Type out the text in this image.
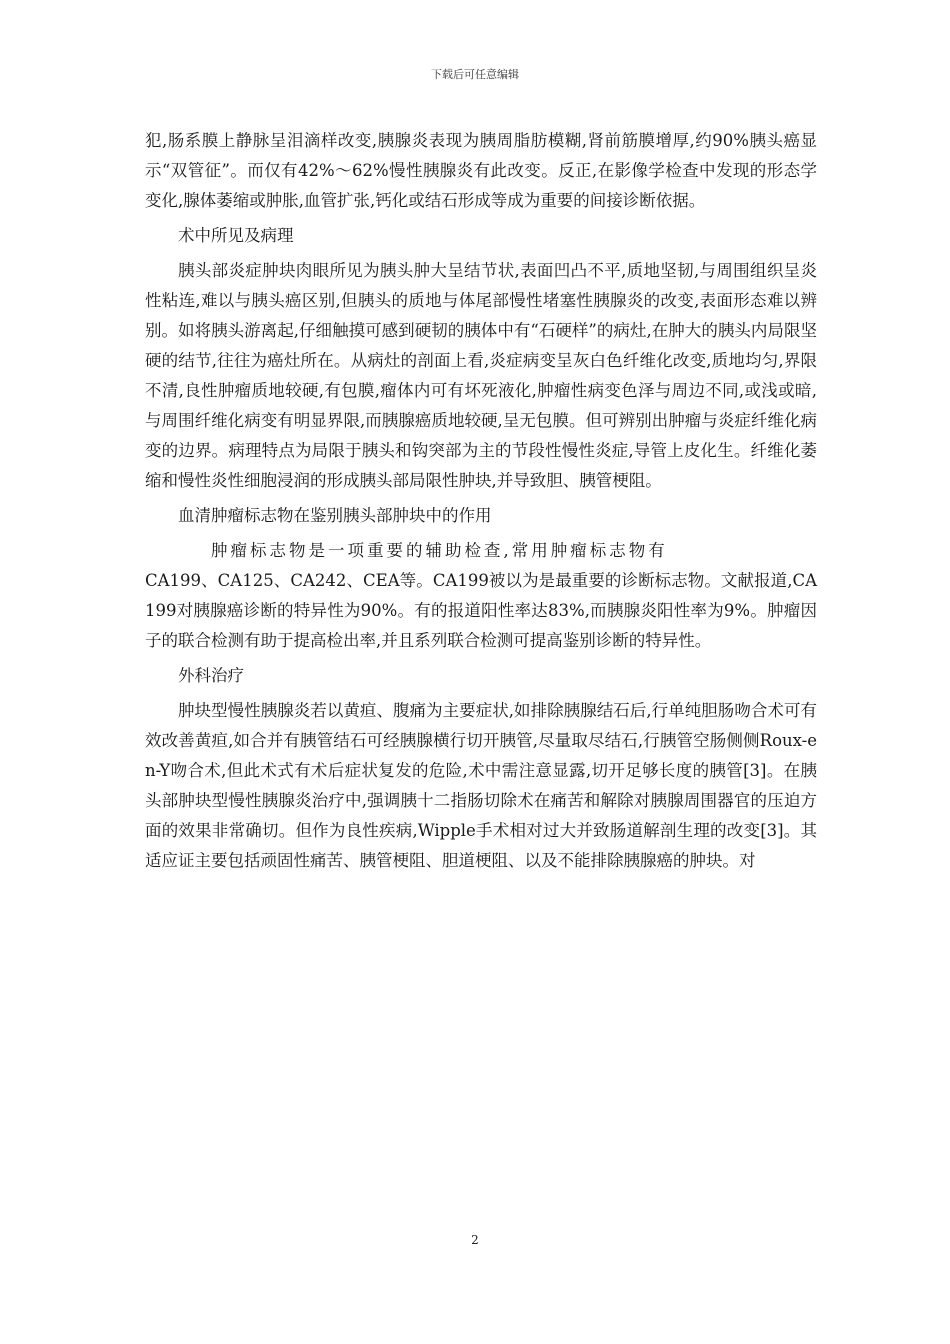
下载后可任意编辑

犯,肠系膜上静脉呈泪滴样改变,胰腺炎表现为胰周脂肪模糊,肾前筋膜增厚,约90%胰头癌显示“双管征”。而仅有42%～62%慢性胰腺炎有此改变。反正,在影像学检查中发现的形态学变化,腺体萎缩或肿胀,血管扩张,钙化或结石形成等成为重要的间接诊断依据。

术中所见及病理

胰头部炎症肿块肉眼所见为胰头肿大呈结节状,表面凹凸不平,质地坚韧,与周围组织呈炎性粘连,难以与胰头癌区别,但胰头的质地与体尾部慢性堵塞性胰腺炎的改变,表面形态难以辨别。如将胰头游离起,仔细触摸可感到硬韧的胰体中有“石硬样”的病灶,在肿大的胰头内局限坚硬的结节,往往为癌灶所在。从病灶的剖面上看,炎症病变呈灰白色纤维化改变,质地均匀,界限不清,良性肿瘤质地较硬,有包膜,瘤体内可有坏死液化,肿瘤性病变色泽与周边不同,或浅或暗,与周围纤维化病变有明显界限,而胰腺癌质地较硬,呈无包膜。但可辨别出肿瘤与炎症纤维化病变的边界。病理特点为局限于胰头和钩突部为主的节段性慢性炎症,导管上皮化生。纤维化萎缩和慢性炎性细胞浸润的形成胰头部局限性肿块,并导致胆、胰管梗阻。

血清肿瘤标志物在鉴别胰头部肿块中的作用

肿瘤标志物是一项重要的辅助检查,常用肿瘤标志物有

CA199、CA125、CA242、CEA等。CA199被以为是最重要的诊断标志物。文献报道,CA199对胰腺癌诊断的特异性为90%。有的报道阳性率达83%,而胰腺炎阳性率为9%。肿瘤因子的联合检测有助于提高检出率,并且系列联合检测可提高鉴别诊断的特异性。

外科治疗

肿块型慢性胰腺炎若以黄疸、腹痛为主要症状,如排除胰腺结石后,行单纯胆肠吻合术可有效改善黄疸,如合并有胰管结石可经胰腺横行切开胰管,尽量取尽结石,行胰管空肠侧侧Roux-en-Y吻合术,但此术式有术后症状复发的危险,术中需注意显露,切开足够长度的胰管[3]。在胰头部肿块型慢性胰腺炎治疗中,强调胰十二指肠切除术在痛苦和解除对胰腺周围器官的压迫方面的效果非常确切。但作为良性疾病,Wipple手术相对过大并致肠道解剖生理的改变[3]。其适应证主要包括顽固性痛苦、胰管梗阻、胆道梗阻、以及不能排除胰腺癌的肿块。对

2
